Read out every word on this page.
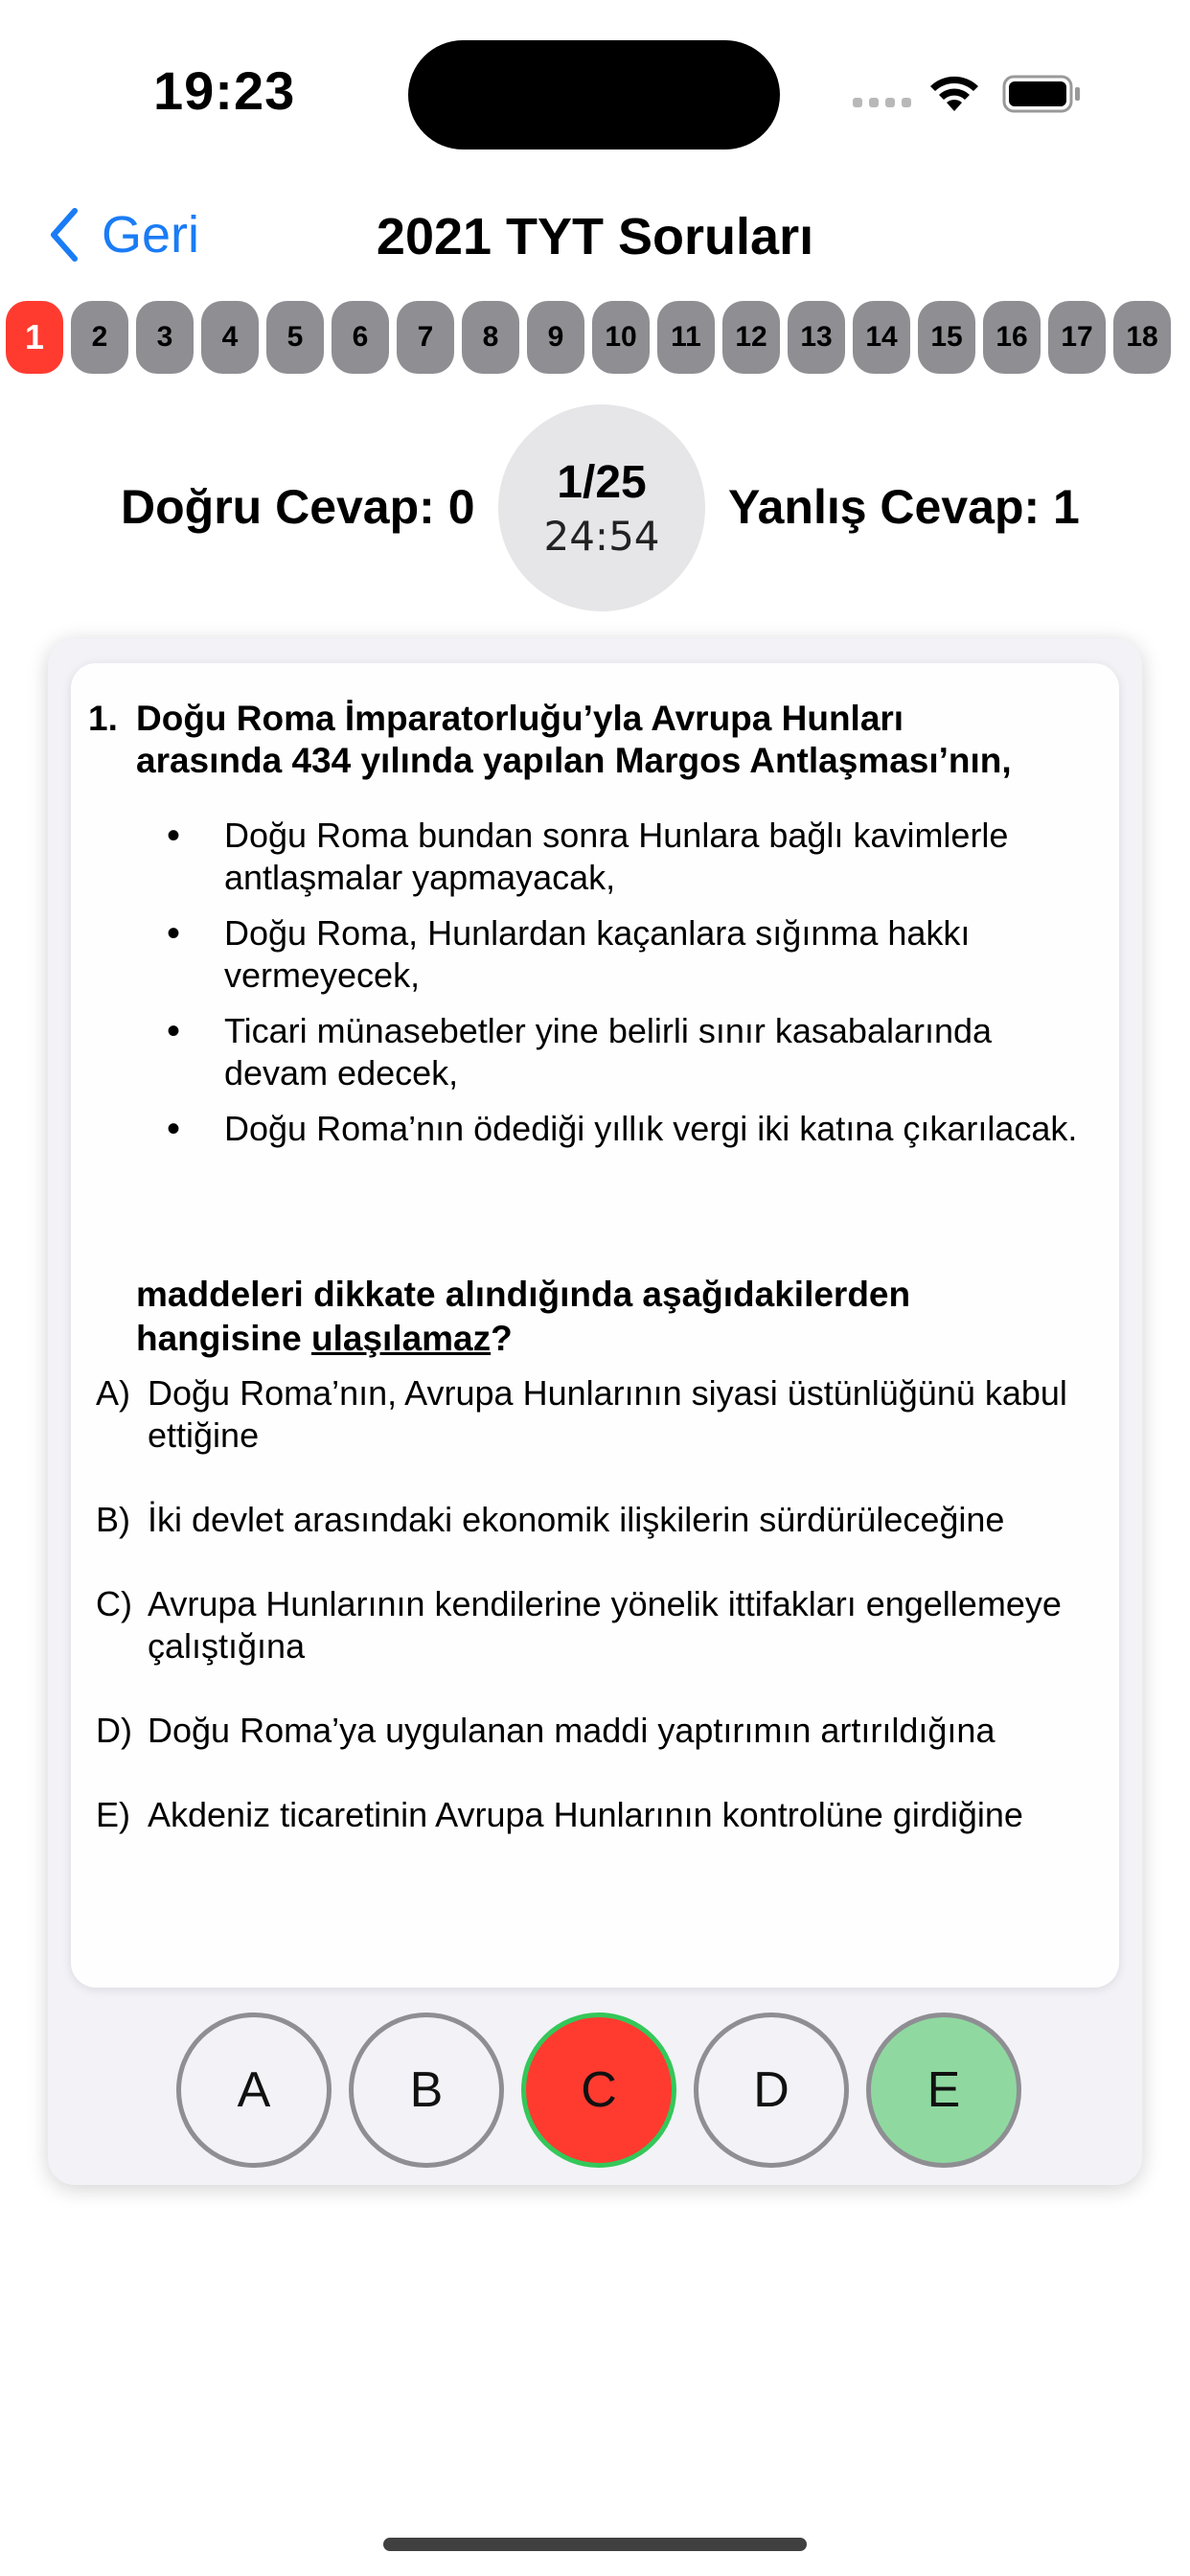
19:23
Geri	2021 TYT Soruları
1	2	3	4	5	6	7	8	9	10	11	12	13	14	15	16	17	18
Doğru Cevap: 0 1/25
24:54
Yanlış Cevap: 1
1. Doğu Roma İmparatorluğu’yla Avrupa Hunları
arasında 434 yılında yapılan Margos Antlaşması’nın,
• Doğu Roma bundan sonra Hunlara bağlı kavimlerle antlaşmalar yapmayacak,
• Doğu Roma, Hunlardan kaçanlara sığınma hakkı vermeyecek,
• Ticari münasebetler yine belirli sınır kasabalarında devam edecek,
• Doğu Roma’nın ödediği yıllık vergi iki katına çıkarılacak.
maddeleri dikkate alındığında aşağıdakilerden
hangisine ulaşılamaz?
A) Doğu Roma’nın, Avrupa Hunlarının siyasi üstünlüğünü kabul ettiğine
B) İki devlet arasındaki ekonomik ilişkilerin sürdürüleceğine
C) Avrupa Hunlarının kendilerine yönelik ittifakları engellemeye çalıştığına
D) Doğu Roma’ya uygulanan maddi yaptırımın artırıldığına
E) Akdeniz ticaretinin Avrupa Hunlarının kontrolüne girdiğine
A	B	C	D	E
